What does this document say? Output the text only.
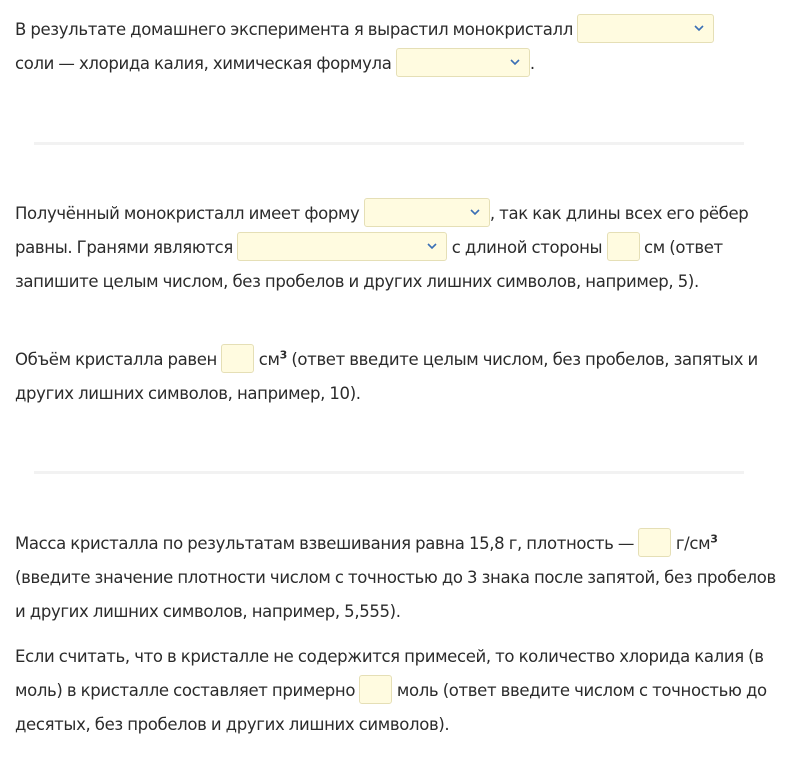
В результате домашнего эксперимента я вырастил монокристалл

соли — хлорида калия, химическая формула	.

Получённый монокристалл имеет форму	, так как длины всех его рёбер равны. Гранями являются	с длиной стороны	см (ответ запишите целым числом, без пробелов и других лишних символов, например, 5).

Объём кристалла равен	$см^3$ (ответ введите целым числом, без пробелов, запятых и других лишних символов, например, 10).

Масса кристалла по результатам взвешивания равна 15,8 г, плотность —	$г/см^3$ (введите значение плотности числом с точностью до 3 знака после запятой, без пробелов и других лишних символов, например, 5,555).

Если считать, что в кристалле не содержится примесей, то количество хлорида калия (в моль) в кристалле составляет примерно	моль (ответ введите числом с точностью до десятых, без пробелов и других лишних символов).
